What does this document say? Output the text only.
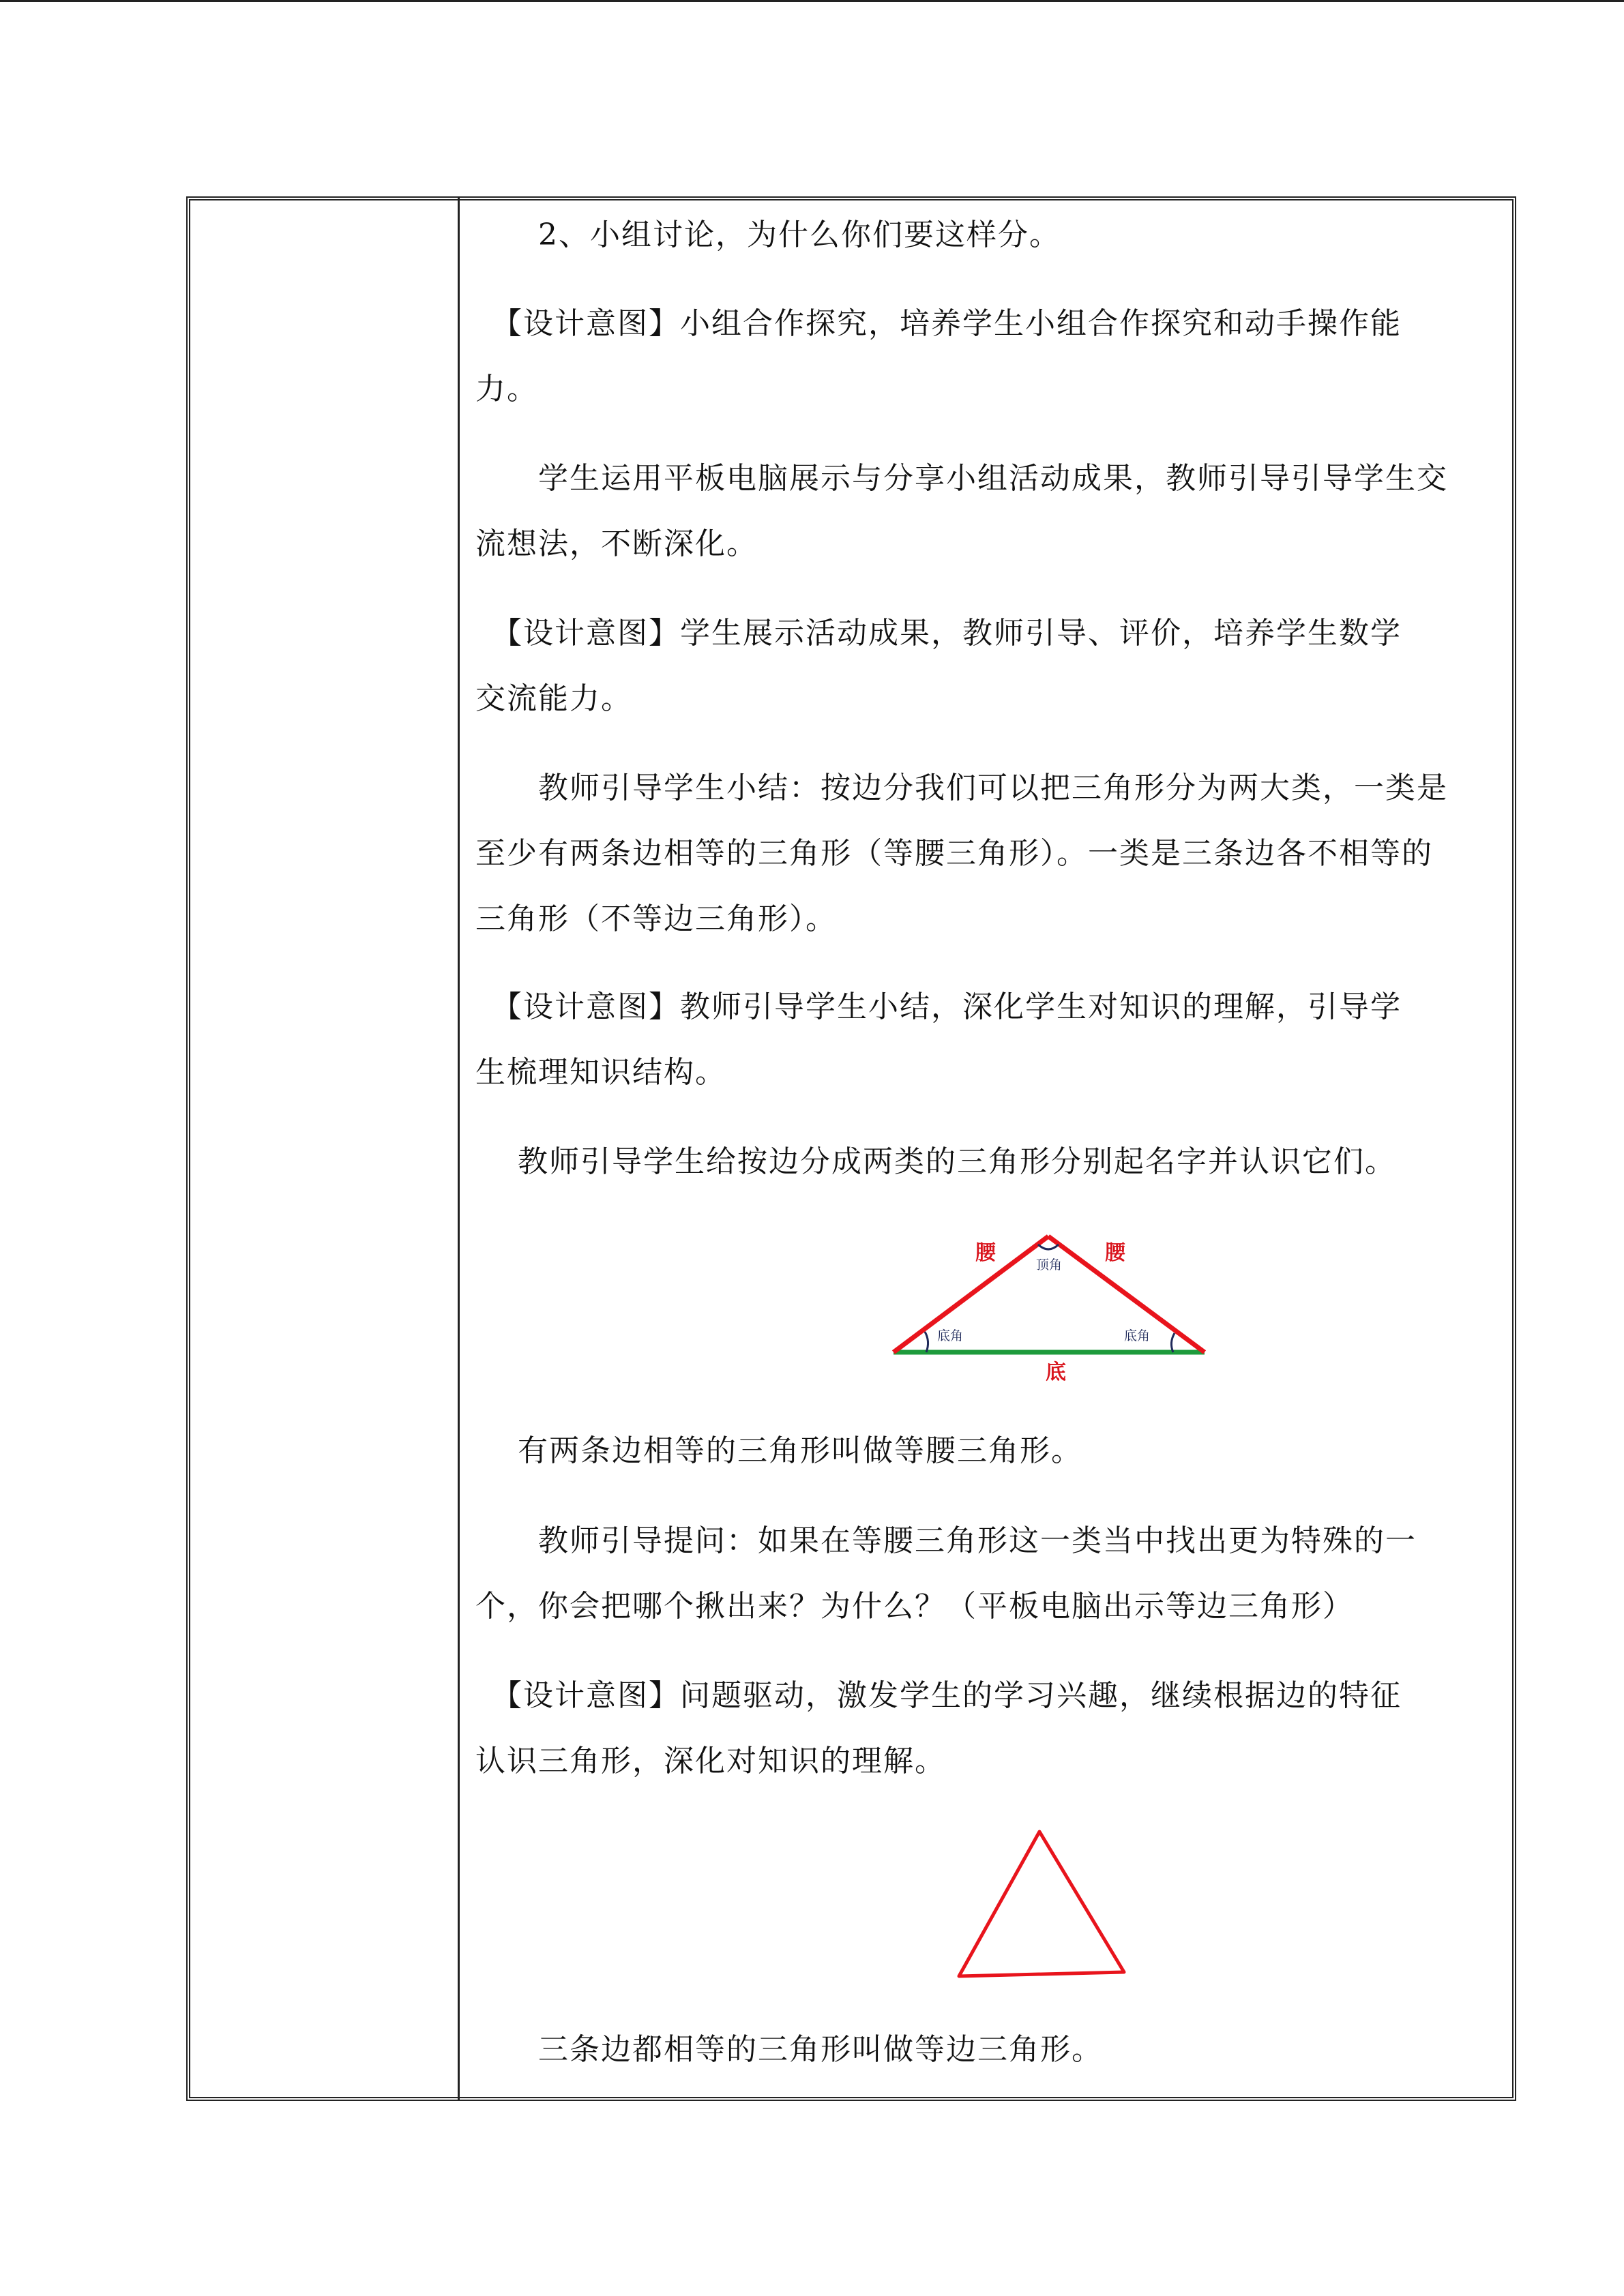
　　2、小组讨论，为什么你们要这样分。
　【设计意图】小组合作探究，培养学生小组合作探究和动手操作能
力。
　　学生运用平板电脑展示与分享小组活动成果，教师引导引导学生交
流想法，不断深化。
　【设计意图】学生展示活动成果，教师引导、评价，培养学生数学
交流能力。
　　教师引导学生小结：按边分我们可以把三角形分为两大类，一类是
至少有两条边相等的三角形（等腰三角形）。一类是三条边各不相等的
三角形（不等边三角形）。
　【设计意图】教师引导学生小结，深化学生对知识的理解，引导学
生梳理知识结构。
　 教师引导学生给按边分成两类的三角形分别起名字并认识它们。
腰	腰
顶角
底角	底角
底
　 有两条边相等的三角形叫做等腰三角形。
　　教师引导提问：如果在等腰三角形这一类当中找出更为特殊的一
个，你会把哪个揪出来？为什么？（平板电脑出示等边三角形）
　【设计意图】问题驱动，激发学生的学习兴趣，继续根据边的特征
认识三角形，深化对知识的理解。
　　三条边都相等的三角形叫做等边三角形。
